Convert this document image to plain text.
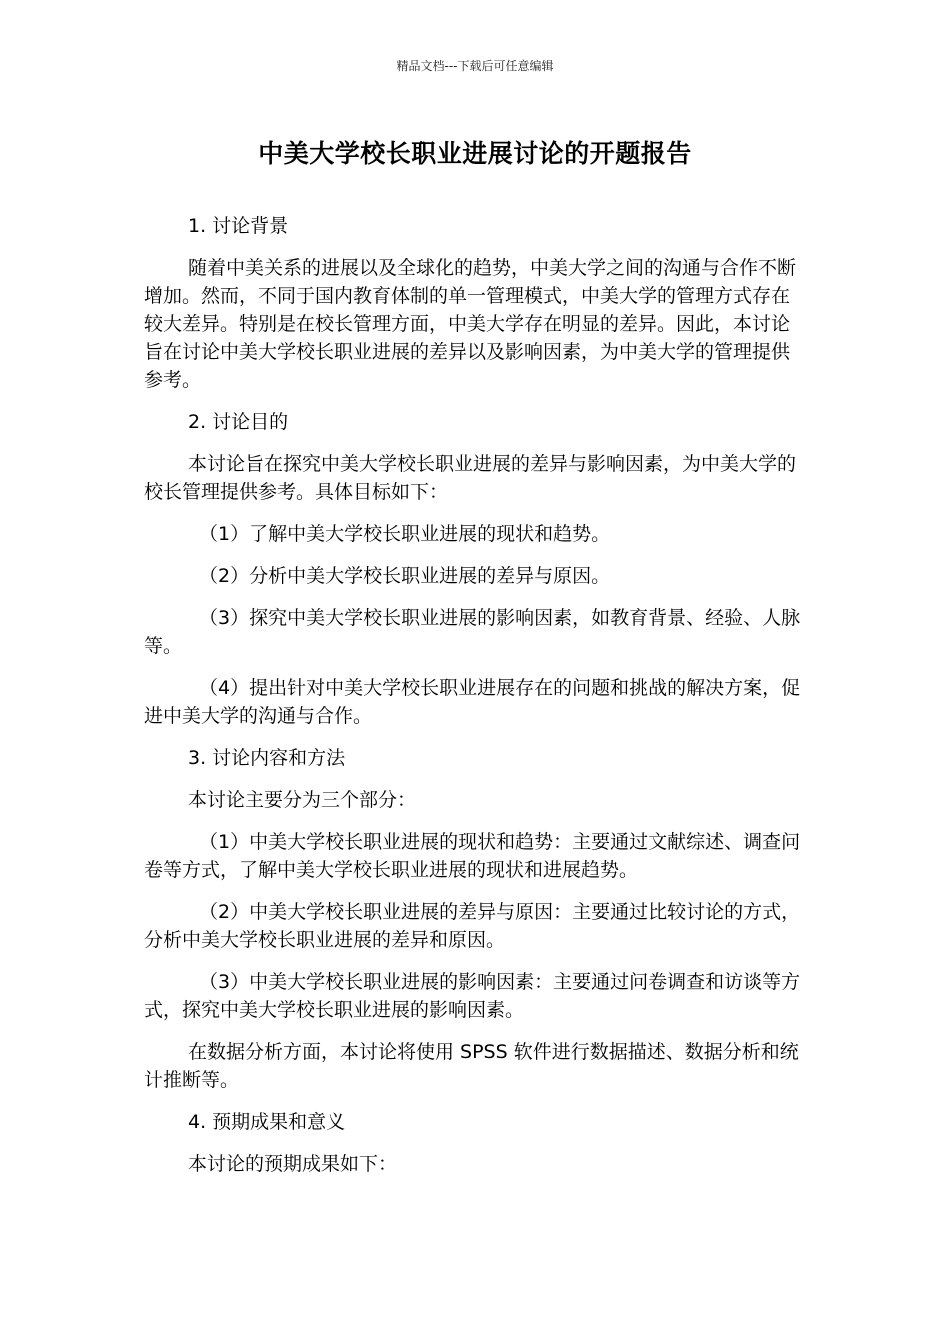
精品文档---下载后可任意编辑
中美大学校长职业进展讨论的开题报告

1. 讨论背景

随着中美关系的进展以及全球化的趋势，中美大学之间的沟通与合作不断增加。然而，不同于国内教育体制的单一管理模式，中美大学的管理方式存在较大差异。特别是在校长管理方面，中美大学存在明显的差异。因此，本讨论旨在讨论中美大学校长职业进展的差异以及影响因素，为中美大学的管理提供参考。

2. 讨论目的

本讨论旨在探究中美大学校长职业进展的差异与影响因素，为中美大学的校长管理提供参考。具体目标如下：

（1）了解中美大学校长职业进展的现状和趋势。

（2）分析中美大学校长职业进展的差异与原因。

（3）探究中美大学校长职业进展的影响因素，如教育背景、经验、人脉等。

（4）提出针对中美大学校长职业进展存在的问题和挑战的解决方案，促进中美大学的沟通与合作。

3. 讨论内容和方法

本讨论主要分为三个部分：

（1）中美大学校长职业进展的现状和趋势：主要通过文献综述、调查问卷等方式，了解中美大学校长职业进展的现状和进展趋势。

（2）中美大学校长职业进展的差异与原因：主要通过比较讨论的方式，分析中美大学校长职业进展的差异和原因。

（3）中美大学校长职业进展的影响因素：主要通过问卷调查和访谈等方式，探究中美大学校长职业进展的影响因素。

在数据分析方面，本讨论将使用 SPSS 软件进行数据描述、数据分析和统计推断等。

4. 预期成果和意义

本讨论的预期成果如下：
